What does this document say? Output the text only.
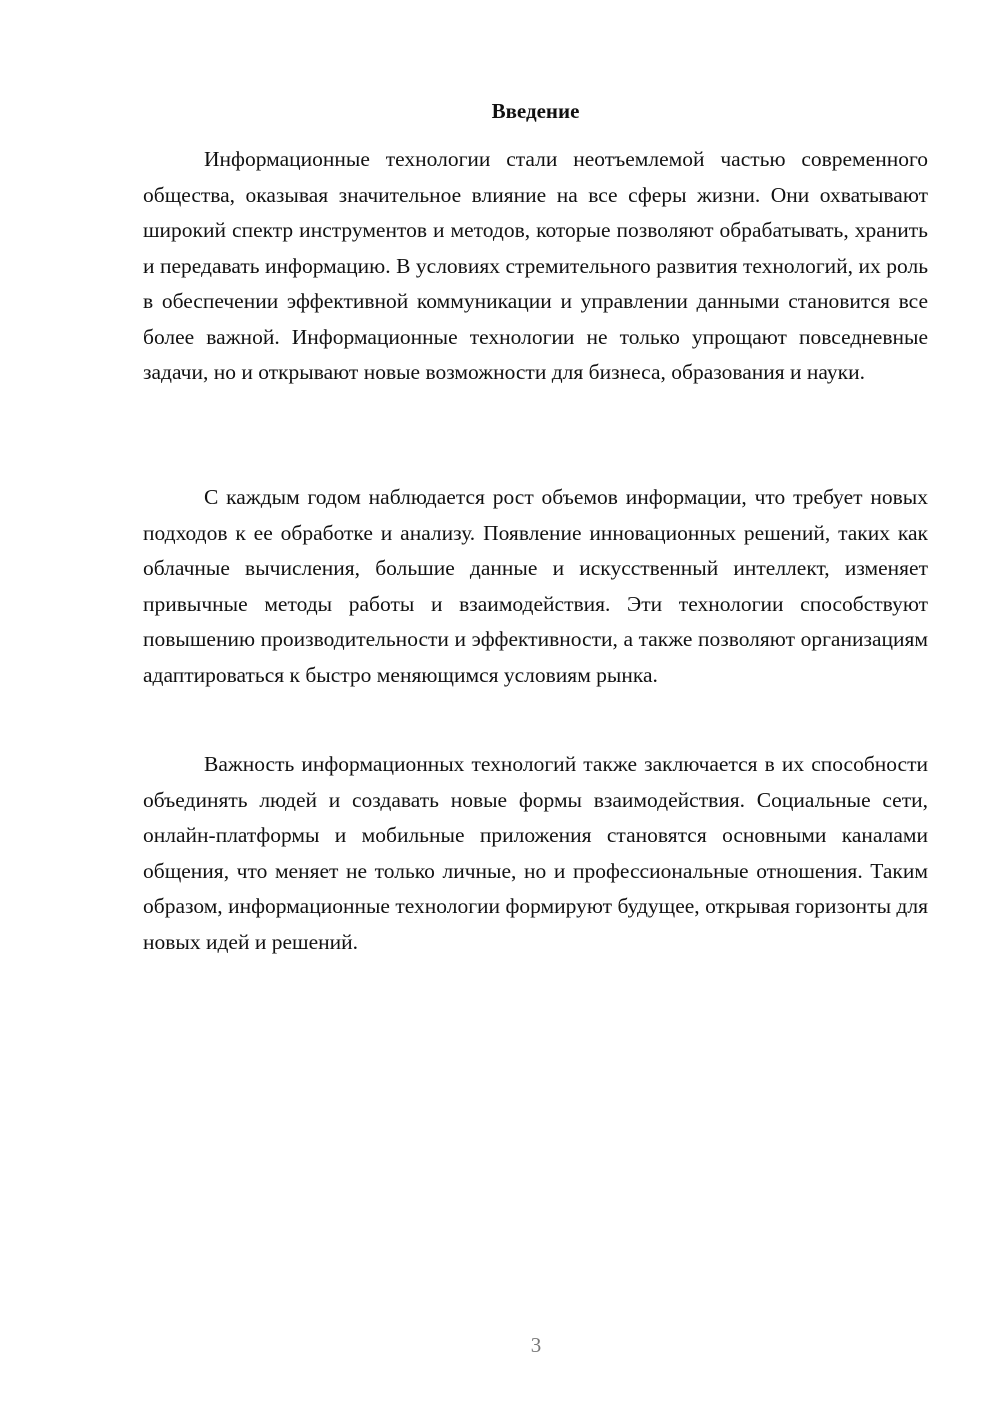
Введение

Информационные технологии стали неотъемлемой частью современного общества, оказывая значительное влияние на все сферы жизни. Они охватывают широкий спектр инструментов и методов, которые позволяют обрабатывать, хранить и передавать информацию. В условиях стремительного развития технологий, их роль в обеспечении эффективной коммуникации и управлении данными становится все более важной. Информационные технологии не только упрощают повседневные задачи, но и открывают новые возможности для бизнеса, образования и науки.

С каждым годом наблюдается рост объемов информации, что требует новых подходов к ее обработке и анализу. Появление инновационных решений, таких как облачные вычисления, большие данные и искусственный интеллект, изменяет привычные методы работы и взаимодействия. Эти технологии способствуют повышению производительности и эффективности, а также позволяют организациям адаптироваться к быстро меняющимся условиям рынка.

Важность информационных технологий также заключается в их способности объединять людей и создавать новые формы взаимодействия. Социальные сети, онлайн-платформы и мобильные приложения становятся основными каналами общения, что меняет не только личные, но и профессиональные отношения. Таким образом, информационные технологии формируют будущее, открывая горизонты для новых идей и решений.

3
